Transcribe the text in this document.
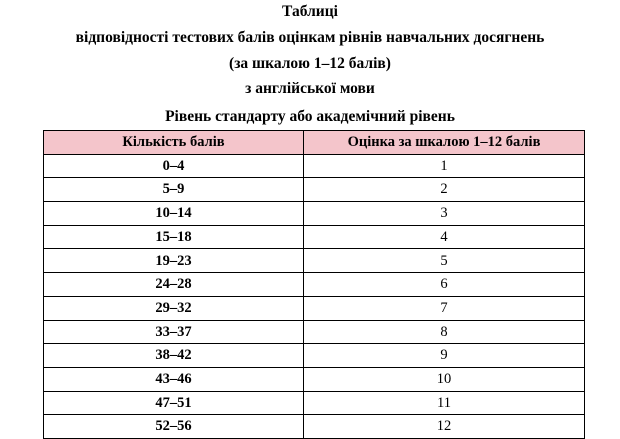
Таблиці
відповідності тестових балів оцінкам рівнів навчальних досягнень
(за шкалою 1–12 балів)
з англійської мови
Рівень стандарту або академічний рівень
Кількість балів	Оцінка за шкалою 1–12 балів
0–4	1
5–9	2
10–14	3
15–18	4
19–23	5
24–28	6
29–32	7
33–37	8
38–42	9
43–46	10
47–51	11
52–56	12
